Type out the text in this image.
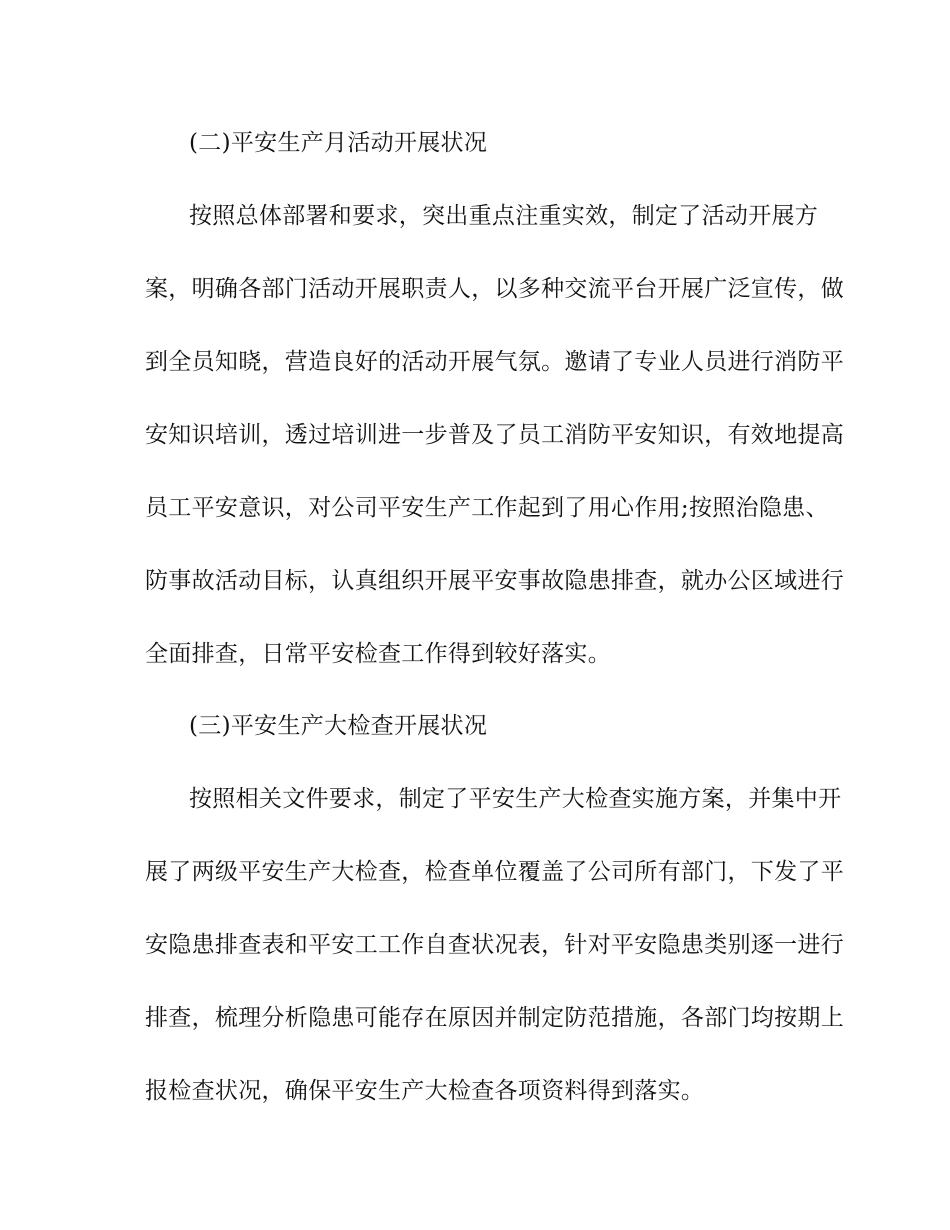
(二)平安生产月活动开展状况

按照总体部署和要求，突出重点注重实效，制定了活动开展方

案，明确各部门活动开展职责人，以多种交流平台开展广泛宣传，做

到全员知晓，营造良好的活动开展气氛。邀请了专业人员进行消防平

安知识培训，透过培训进一步普及了员工消防平安知识，有效地提高

员工平安意识，对公司平安生产工作起到了用心作用;按照治隐患、

防事故活动目标，认真组织开展平安事故隐患排查，就办公区域进行

全面排查，日常平安检查工作得到较好落实。

(三)平安生产大检查开展状况

按照相关文件要求，制定了平安生产大检查实施方案，并集中开

展了两级平安生产大检查，检查单位覆盖了公司所有部门，下发了平

安隐患排查表和平安工工作自查状况表，针对平安隐患类别逐一进行

排查，梳理分析隐患可能存在原因并制定防范措施，各部门均按期上

报检查状况，确保平安生产大检查各项资料得到落实。
